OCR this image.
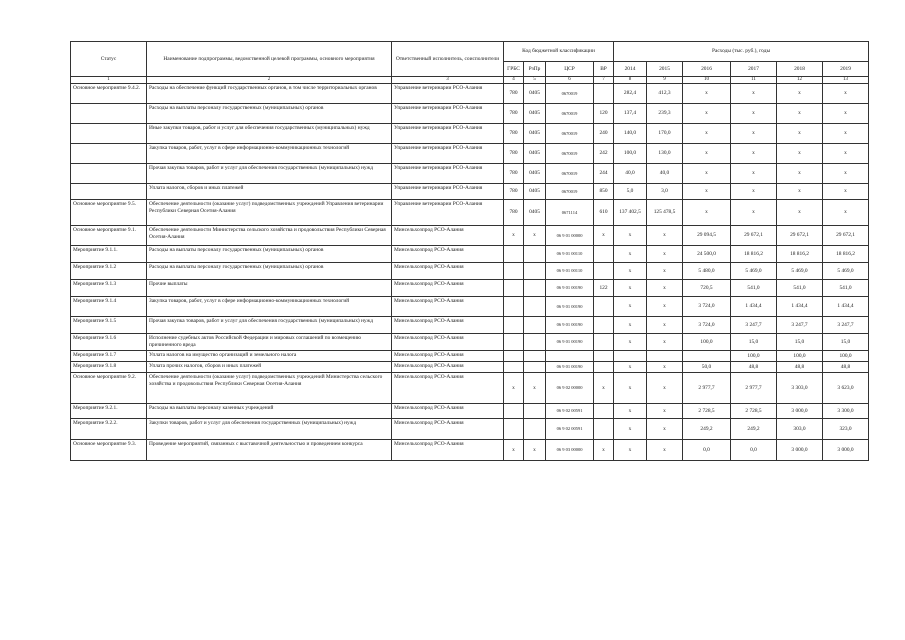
Статус	Наименование подпрограммы, ведомственной целевой программы, основного мероприятия	Ответственный исполнитель, соисполнители	Код бюджетной классификации				Расходы (тыс. руб.), годы					
			ГРБС	РзПр	ЦСР	ВР	2014	2015	2016	2017	2018	2019
1	2	3	4	5	6	7	8	9	10	11	12	13
Основное мероприятие 9.4.2.	Расходы на обеспечение функций государственных органов, в том числе территориальных органов	Управление ветеринарии РСО-Алания	780	0405	0670019		282,4	412,3	х	х	х	х
	Расходы на выплаты персоналу государственных (муниципальных) органов	Управление ветеринарии РСО-Алания	780	0405	0670019	120	137,4	239,3	х	х	х	х
	Иные закупки товаров, работ и услуг для обеспечения государственных (муниципальных) нужд	Управление ветеринарии РСО-Алания	780	0405	0670019	240	140,0	170,0	х	х	х	х
	Закупка товаров, работ, услуг в сфере информационно-коммуникационных технологий	Управление ветеринарии РСО-Алания	780	0405	0670019	242	100,0	130,0	х	х	х	х
	Прочая закупка товаров, работ и услуг для обеспечения государственных (муниципальных) нужд	Управление ветеринарии РСО-Алания	780	0405	0670019	244	40,0	40,0	х	х	х	х
	Уплата налогов, сборов и иных платежей	Управление ветеринарии РСО-Алания	780	0405	0670019	850	5,0	3,0	х	х	х	х
Основное мероприятие 9.5.	Обеспечение деятельности (оказание услуг) подведомственных учреждений Управления ветеринарии Республики Северная Осетия-Алания	Управление ветеринарии РСО-Алания	780	0405	0671114	610	137 402,5	125 478,5	х	х	х	х
Основное мероприятие 9.1.	Обеспечение деятельности Министерства сельского хозяйства и продовольствия Республики Северная Осетия-Алания	Минсельхозпрод РСО-Алания	х	х	06 9 01 00000	х	х	х	29 094,5	29 672,1	29 672,1	29 672,1
Мероприятие 9.1.1.	Расходы на выплаты персоналу государственных (муниципальных) органов	Минсельхозпрод РСО-Алания			06 9 01 00110		х	х	24 500,0	18 816,2	18 816,2	18 816,2
Мероприятие 9.1.2	Расходы на выплаты персоналу государственных (муниципальных) органов	Минсельхозпрод РСО-Алания			06 9 01 00110		х	х	5 480,0	5 469,0	5 469,0	5 469,0
Мероприятие 9.1.3	Прочие выплаты	Минсельхозпрод РСО-Алания			06 9 01 00190	122	х	х	720,5	541,0	541,0	541,0
Мероприятие 9.1.4	Закупка товаров, работ, услуг в сфере информационно-коммуникационных технологий	Минсельхозпрод РСО-Алания			06 9 01 00190		х	х	3 724,0	1 434,4	1 434,4	1 434,4
Мероприятие 9.1.5	Прочая закупка товаров, работ и услуг для обеспечения государственных (муниципальных) нужд	Минсельхозпрод РСО-Алания			06 9 01 00190		х	х	3 724,0	3 247,7	3 247,7	3 247,7
Мероприятие 9.1.6	Исполнение судебных актов Российской Федерации и мировых соглашений по возмещению причиненного вреда	Минсельхозпрод РСО-Алания			06 9 01 00190		х	х	100,0	15,0	15,0	15,0
Мероприятие 9.1.7	Уплата налогов на имущество организаций и земельного налога	Минсельхозпрод РСО-Алания								100,0	100,0	100,0
Мероприятие 9.1.8	Уплата прочих налогов, сборов и иных платежей	Минсельхозпрод РСО-Алания			06 9 01 00190		х	х	50,0	48,8	48,8	48,8
Основное мероприятие 9.2.	Обеспечение деятельности (оказание услуг) подведомственных учреждений Министерства сельского хозяйства и продовольствия Республики Северная Осетия-Алания	Минсельхозпрод РСО-Алания	х	х	06 9 02 00000	х	х	х	2 977,7	2 977,7	3 303,0	3 623,0
Мероприятие 9.2.1.	Расходы на выплаты персоналу казенных учреждений	Минсельхозпрод РСО-Алания			06 9 02 00591		х	х	2 728,5	2 728,5	3 000,0	3 300,0
Мероприятие 9.2.2.	Закупки товаров, работ и услуг для обеспечения государственных (муниципальных) нужд	Минсельхозпрод РСО-Алания			06 9 02 00591		х	х	249,2	249,2	303,0	323,0
Основное мероприятие 9.3.	Проведение мероприятий, связанных с выставочной деятельностью и проведением конкурса	Минсельхозпрод РСО-Алания	х	х	06 9 03 00000	х	х	х	0,0	0,0	3 000,0	3 000,0
